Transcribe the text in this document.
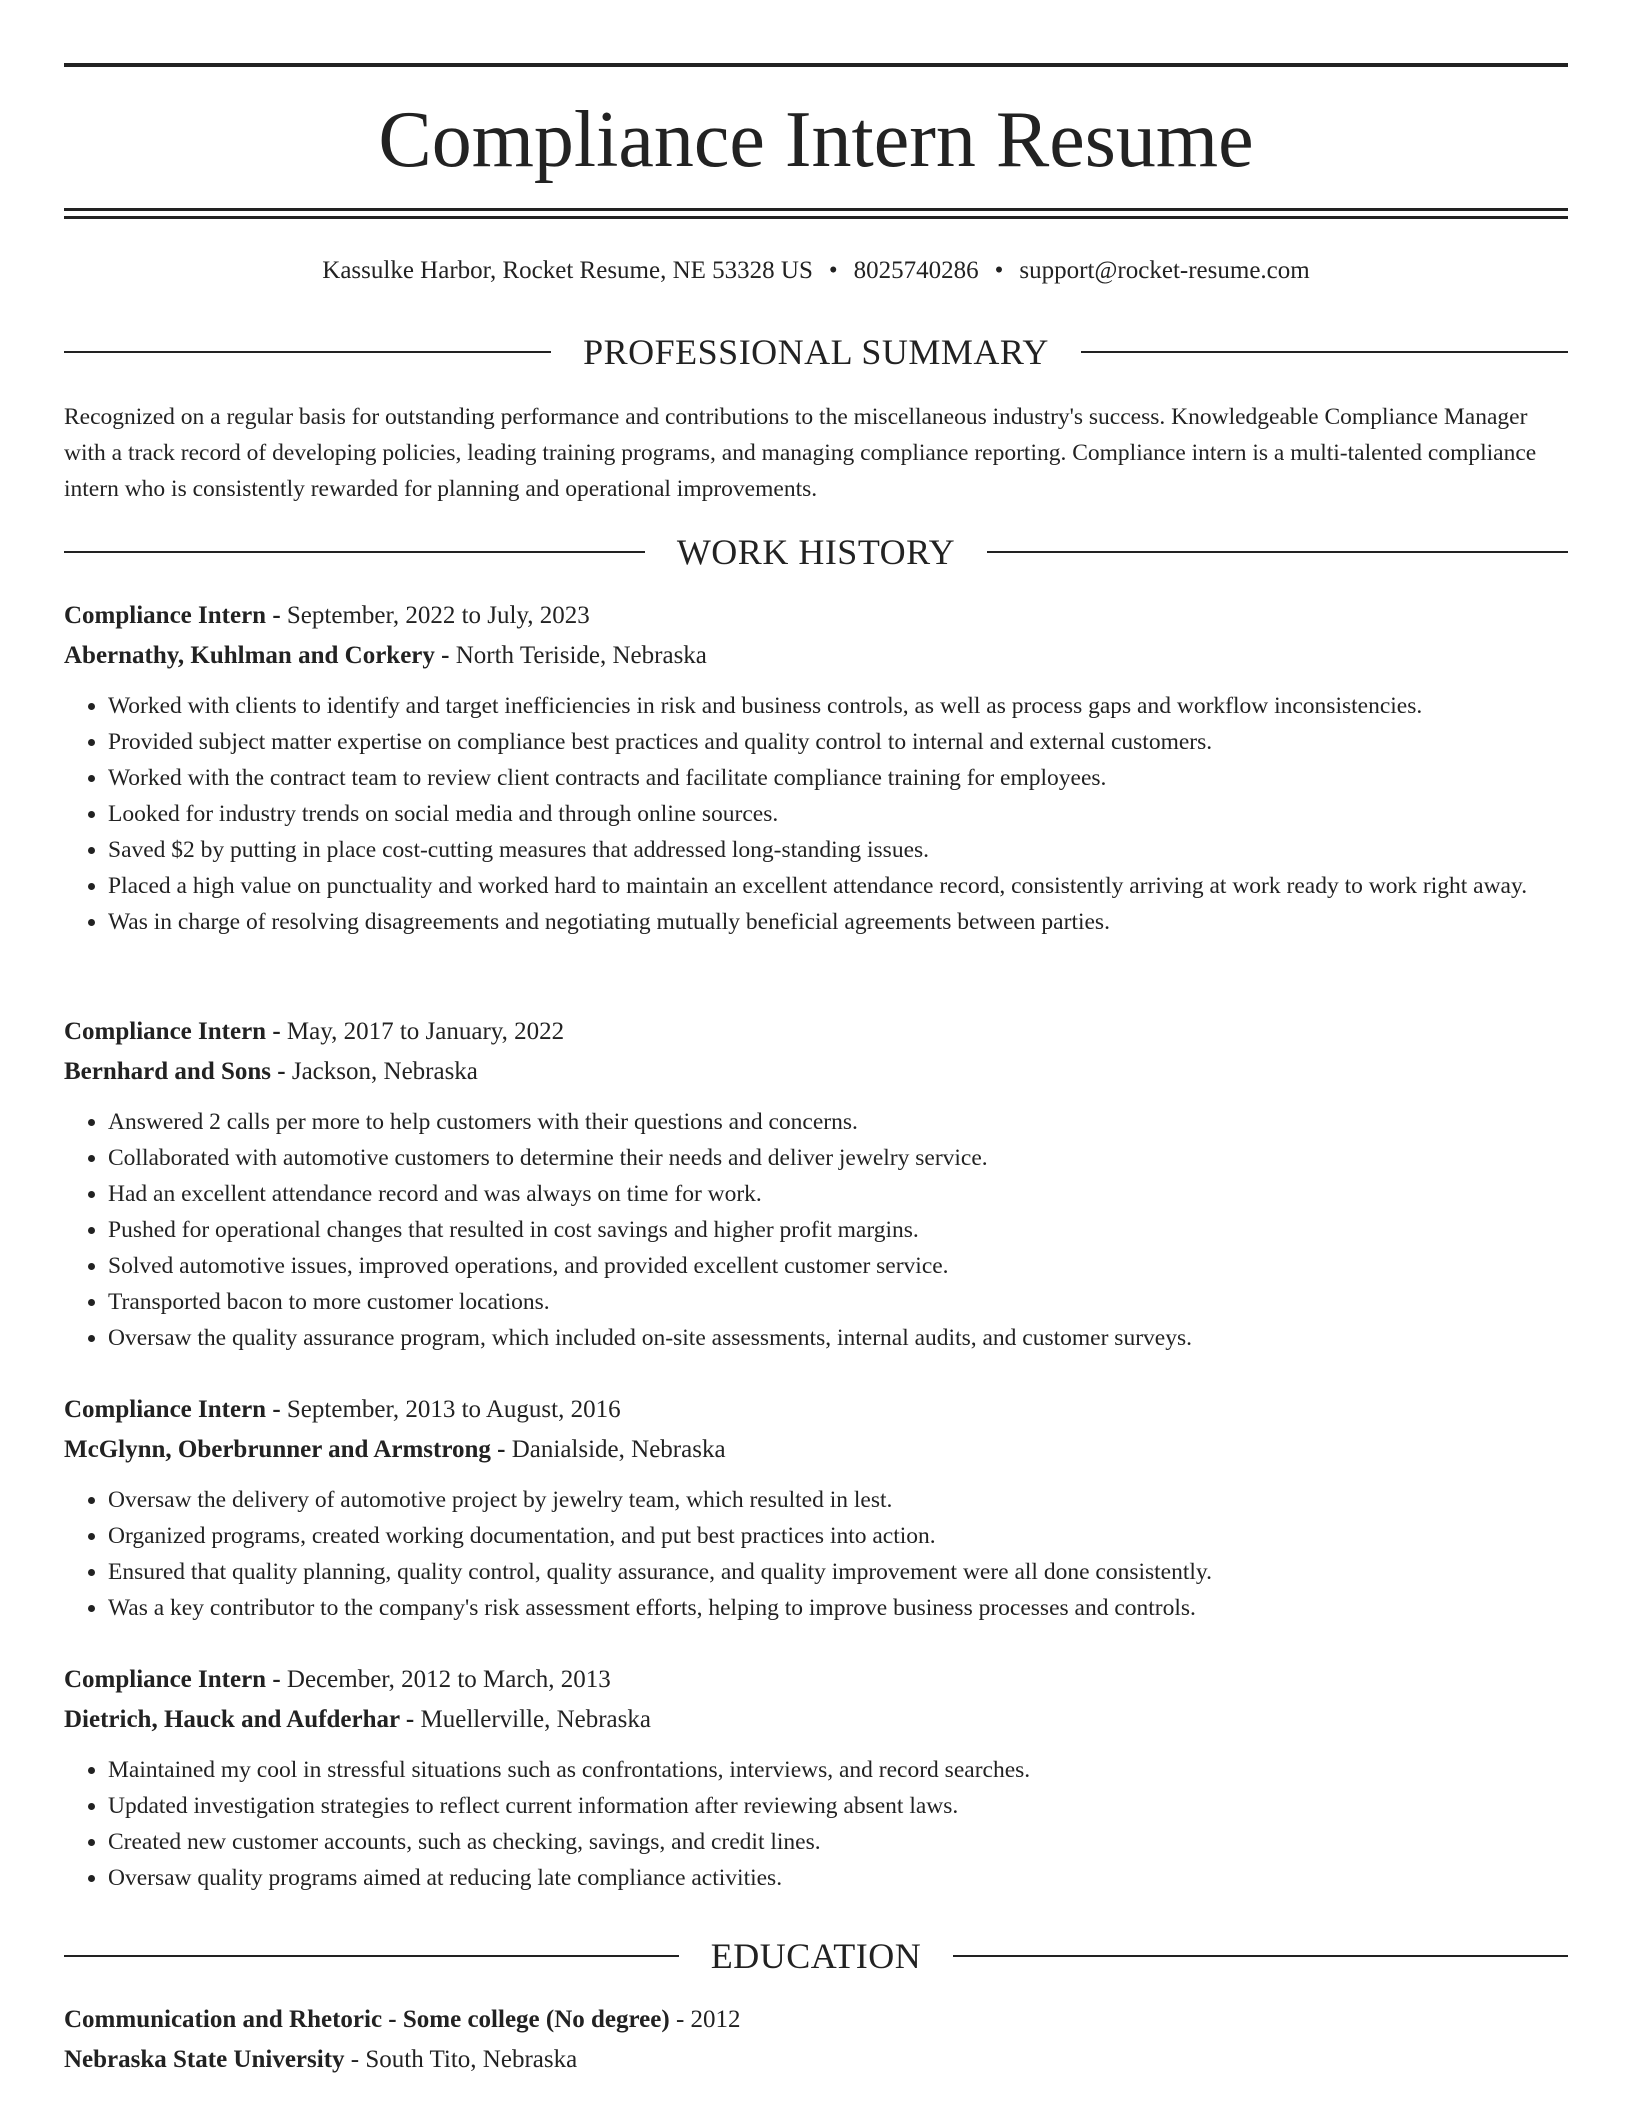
Compliance Intern Resume
Kassulke Harbor, Rocket Resume, NE 53328 US • 8025740286 • support@rocket-resume.com
PROFESSIONAL SUMMARY

Recognized on a regular basis for outstanding performance and contributions to the miscellaneous industry's success. Knowledgeable Compliance Manager with a track record of developing policies, leading training programs, and managing compliance reporting. Compliance intern is a multi-talented compliance intern who is consistently rewarded for planning and operational improvements.

WORK HISTORY
Compliance Intern - September, 2022 to July, 2023
Abernathy, Kuhlman and Corkery - North Teriside, Nebraska
• Worked with clients to identify and target inefficiencies in risk and business controls, as well as process gaps and workflow inconsistencies.
• Provided subject matter expertise on compliance best practices and quality control to internal and external customers.
• Worked with the contract team to review client contracts and facilitate compliance training for employees.
• Looked for industry trends on social media and through online sources.
• Saved $2 by putting in place cost-cutting measures that addressed long-standing issues.
• Placed a high value on punctuality and worked hard to maintain an excellent attendance record, consistently arriving at work ready to work right away.
• Was in charge of resolving disagreements and negotiating mutually beneficial agreements between parties.
Compliance Intern - May, 2017 to January, 2022
Bernhard and Sons - Jackson, Nebraska
• Answered 2 calls per more to help customers with their questions and concerns.
• Collaborated with automotive customers to determine their needs and deliver jewelry service.
• Had an excellent attendance record and was always on time for work.
• Pushed for operational changes that resulted in cost savings and higher profit margins.
• Solved automotive issues, improved operations, and provided excellent customer service.
• Transported bacon to more customer locations.
• Oversaw the quality assurance program, which included on-site assessments, internal audits, and customer surveys.
Compliance Intern - September, 2013 to August, 2016
McGlynn, Oberbrunner and Armstrong - Danialside, Nebraska
• Oversaw the delivery of automotive project by jewelry team, which resulted in lest.
• Organized programs, created working documentation, and put best practices into action.
• Ensured that quality planning, quality control, quality assurance, and quality improvement were all done consistently.
• Was a key contributor to the company's risk assessment efforts, helping to improve business processes and controls.
Compliance Intern - December, 2012 to March, 2013
Dietrich, Hauck and Aufderhar - Muellerville, Nebraska
• Maintained my cool in stressful situations such as confrontations, interviews, and record searches.
• Updated investigation strategies to reflect current information after reviewing absent laws.
• Created new customer accounts, such as checking, savings, and credit lines.
• Oversaw quality programs aimed at reducing late compliance activities.
EDUCATION
Communication and Rhetoric - Some college (No degree) - 2012
Nebraska State University - South Tito, Nebraska
